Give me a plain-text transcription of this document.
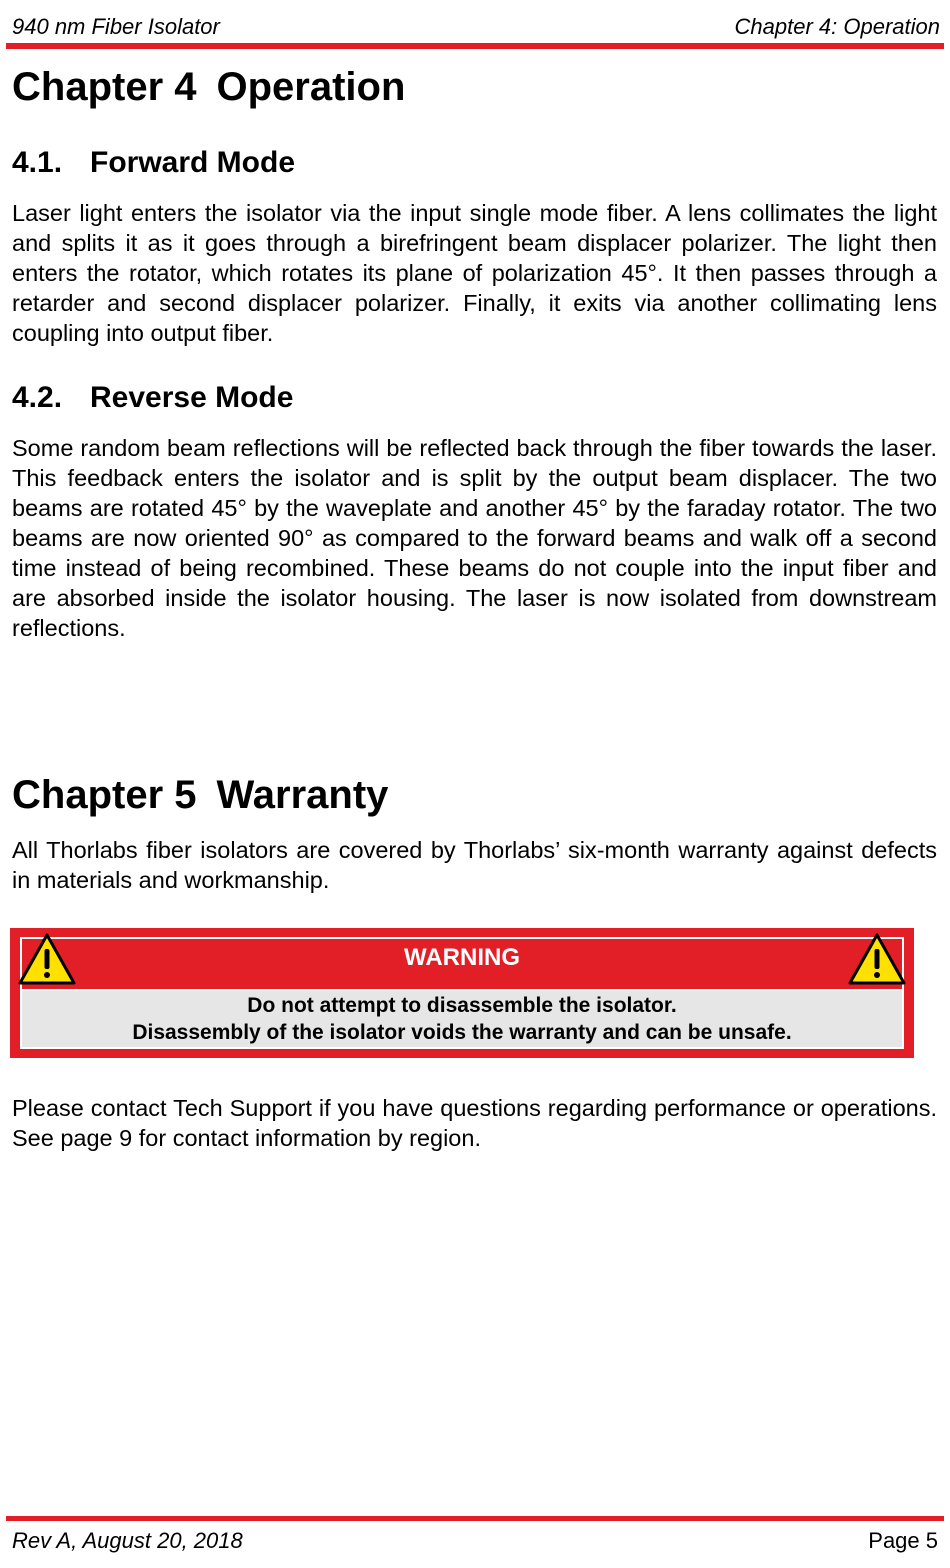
940 nm Fiber Isolator	Chapter 4: Operation
Chapter 4 Operation
4.1. Forward Mode

Laser light enters the isolator via the input single mode fiber. A lens collimates the light and splits it as it goes through a birefringent beam displacer polarizer. The light then enters the rotator, which rotates its plane of polarization 45°. It then passes through a retarder and second displacer polarizer. Finally, it exits via another collimating lens coupling into output fiber.

4.2. Reverse Mode

Some random beam reflections will be reflected back through the fiber towards the laser. This feedback enters the isolator and is split by the output beam displacer. The two beams are rotated 45° by the waveplate and another 45° by the faraday rotator. The two beams are now oriented 90° as compared to the forward beams and walk off a second time instead of being recombined. These beams do not couple into the input fiber and are absorbed inside the isolator housing. The laser is now isolated from downstream reflections.

Chapter 5 Warranty

All Thorlabs fiber isolators are covered by Thorlabs’ six-month warranty against defects in materials and workmanship.

WARNING
Do not attempt to disassemble the isolator.
Disassembly of the isolator voids the warranty and can be unsafe.

Please contact Tech Support if you have questions regarding performance or operations. See page 9 for contact information by region.

Rev A, August 20, 2018	Page 5
